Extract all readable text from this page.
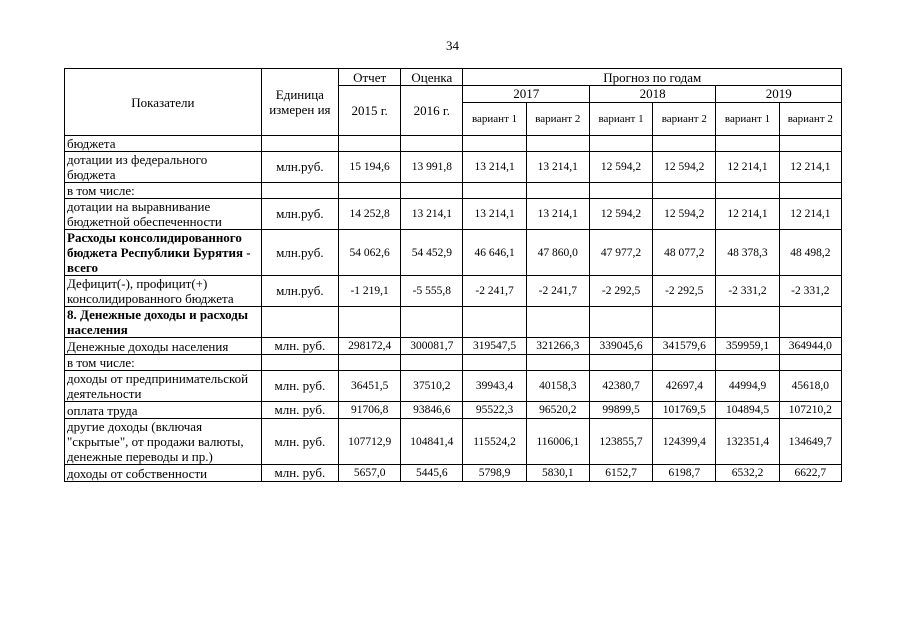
34
Показатели	Единица измерен ия	Отчет	Оценка	Прогноз по годам					
		2015 г.	2016 г.	2017		2018		2019	
				вариант 1	вариант 2	вариант 1	вариант 2	вариант 1	вариант 2
бюджета									
дотации из федерального бюджета	млн.руб.	15 194,6	13 991,8	13 214,1	13 214,1	12 594,2	12 594,2	12 214,1	12 214,1
в том числе:									
дотации на выравнивание бюджетной обеспеченности	млн.руб.	14 252,8	13 214,1	13 214,1	13 214,1	12 594,2	12 594,2	12 214,1	12 214,1
Расходы консолидированного бюджета Республики Бурятия - всего	млн.руб.	54 062,6	54 452,9	46 646,1	47 860,0	47 977,2	48 077,2	48 378,3	48 498,2
Дефицит(-), профицит(+) консолидированного бюджета	млн.руб.	-1 219,1	-5 555,8	-2 241,7	-2 241,7	-2 292,5	-2 292,5	-2 331,2	-2 331,2
8. Денежные доходы и расходы населения									
Денежные доходы населения	млн. руб.	298172,4	300081,7	319547,5	321266,3	339045,6	341579,6	359959,1	364944,0
в том числе:									
доходы от предпринимательской деятельности	млн. руб.	36451,5	37510,2	39943,4	40158,3	42380,7	42697,4	44994,9	45618,0
оплата труда	млн. руб.	91706,8	93846,6	95522,3	96520,2	99899,5	101769,5	104894,5	107210,2
другие доходы (включая "скрытые", от продажи валюты, денежные переводы и пр.)	млн. руб.	107712,9	104841,4	115524,2	116006,1	123855,7	124399,4	132351,4	134649,7
доходы от собственности	млн. руб.	5657,0	5445,6	5798,9	5830,1	6152,7	6198,7	6532,2	6622,7
